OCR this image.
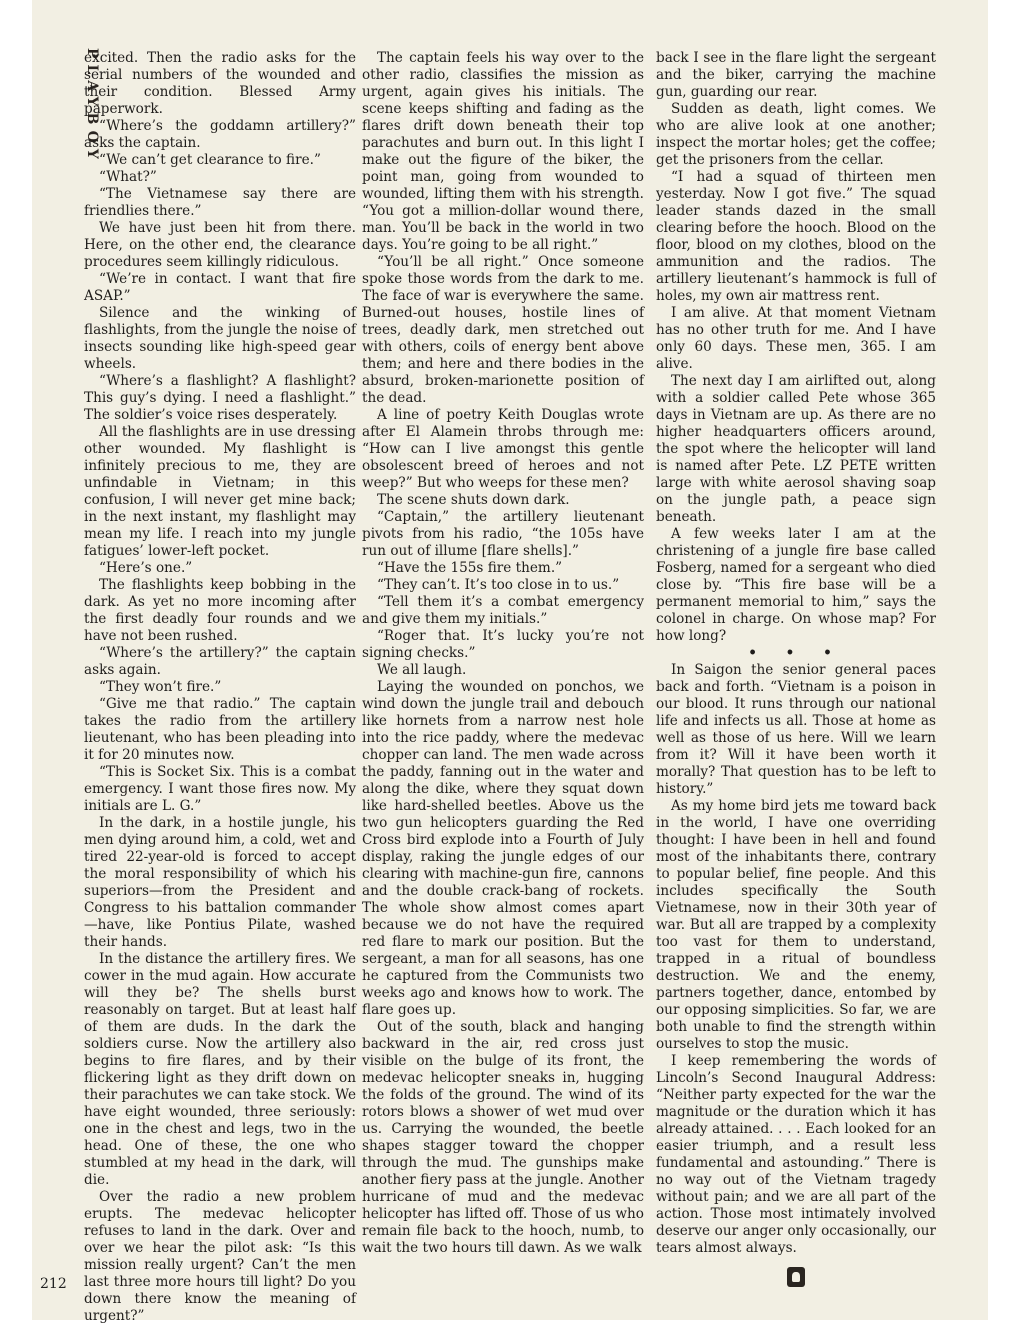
PLAYBOY

excited. Then the radio asks for the serial numbers of the wounded and their condition. Blessed Army paperwork.

“Where’s the goddamn artillery?” asks the captain.

“We can’t get clearance to fire.”

“What?”

“The Vietnamese say there are friendlies there.”

We have just been hit from there. Here, on the other end, the clearance procedures seem killingly ridiculous.

“We’re in contact. I want that fire ASAP.”

Silence and the winking of flashlights, from the jungle the noise of insects sounding like high-speed gear wheels.

“Where’s a flashlight? A flashlight? This guy’s dying. I need a flashlight.” The soldier’s voice rises desperately.

All the flashlights are in use dressing other wounded. My flashlight is infinitely precious to me, they are unfindable in Vietnam; in this confusion, I will never get mine back; in the next instant, my flashlight may mean my life. I reach into my jungle fatigues’ lower-left pocket.

“Here’s one.”

The flashlights keep bobbing in the dark. As yet no more incoming after the first deadly four rounds and we have not been rushed.

“Where’s the artillery?” the captain asks again.

“They won’t fire.”

“Give me that radio.” The captain takes the radio from the artillery lieutenant, who has been pleading into it for 20 minutes now.

“This is Socket Six. This is a combat emergency. I want those fires now. My initials are L. G.”

In the dark, in a hostile jungle, his men dying around him, a cold, wet and tired 22-year-old is forced to accept the moral responsibility of which his superiors—from the President and Congress to his battalion commander—have, like Pontius Pilate, washed their hands.

In the distance the artillery fires. We cower in the mud again. How accurate will they be? The shells burst reasonably on target. But at least half of them are duds. In the dark the soldiers curse. Now the artillery also begins to fire flares, and by their flickering light as they drift down on their parachutes we can take stock. We have eight wounded, three seriously: one in the chest and legs, two in the head. One of these, the one who stumbled at my head in the dark, will die.

Over the radio a new problem erupts. The medevac helicopter refuses to land in the dark. Over and over we hear the pilot ask: “Is this mission really urgent? Can’t the men last three more hours till light? Do you down there know the meaning of urgent?”

The captain feels his way over to the other radio, classifies the mission as urgent, again gives his initials. The scene keeps shifting and fading as the flares drift down beneath their top parachutes and burn out. In this light I make out the figure of the biker, the point man, going from wounded to wounded, lifting them with his strength. “You got a million-dollar wound there, man. You’ll be back in the world in two days. You’re going to be all right.”

“You’ll be all right.” Once someone spoke those words from the dark to me. The face of war is everywhere the same. Burned-out houses, hostile lines of trees, deadly dark, men stretched out with others, coils of energy bent above them; and here and there bodies in the absurd, broken-marionette position of the dead.

A line of poetry Keith Douglas wrote after El Alamein throbs through me: “How can I live amongst this gentle obsolescent breed of heroes and not weep?” But who weeps for these men?

The scene shuts down dark.

“Captain,” the artillery lieutenant pivots from his radio, “the 105s have run out of illume [flare shells].”

“Have the 155s fire them.”

“They can’t. It’s too close in to us.”

“Tell them it’s a combat emergency and give them my initials.”

“Roger that. It’s lucky you’re not signing checks.”

We all laugh.

Laying the wounded on ponchos, we wind down the jungle trail and debouch like hornets from a narrow nest hole into the rice paddy, where the medevac chopper can land. The men wade across the paddy, fanning out in the water and along the dike, where they squat down like hard-shelled beetles. Above us the two gun helicopters guarding the Red Cross bird explode into a Fourth of July display, raking the jungle edges of our clearing with machine-gun fire, cannons and the double crack-bang of rockets. The whole show almost comes apart because we do not have the required red flare to mark our position. But the sergeant, a man for all seasons, has one he captured from the Communists two weeks ago and knows how to work. The flare goes up.

Out of the south, black and hanging backward in the air, red cross just visible on the bulge of its front, the medevac helicopter sneaks in, hugging the folds of the ground. The wind of its rotors blows a shower of wet mud over us. Carrying the wounded, the beetle shapes stagger toward the chopper through the mud. The gunships make another fiery pass at the jungle. Another hurricane of mud and the medevac helicopter has lifted off. Those of us who remain file back to the hooch, numb, to wait the two hours till dawn. As we walk

back I see in the flare light the sergeant and the biker, carrying the machine gun, guarding our rear.

Sudden as death, light comes. We who are alive look at one another; inspect the mortar holes; get the coffee; get the prisoners from the cellar.

“I had a squad of thirteen men yesterday. Now I got five.” The squad leader stands dazed in the small clearing before the hooch. Blood on the floor, blood on my clothes, blood on the ammunition and the radios. The artillery lieutenant’s hammock is full of holes, my own air mattress rent.

I am alive. At that moment Vietnam has no other truth for me. And I have only 60 days. These men, 365. I am alive.

The next day I am airlifted out, along with a soldier called Pete whose 365 days in Vietnam are up. As there are no higher headquarters officers around, the spot where the helicopter will land is named after Pete. LZ PETE written large with white aerosol shaving soap on the jungle path, a peace sign beneath.

A few weeks later I am at the christening of a jungle fire base called Fosberg, named for a sergeant who died close by. “This fire base will be a permanent memorial to him,” says the colonel in charge. On whose map? For how long?

• • •

In Saigon the senior general paces back and forth. “Vietnam is a poison in our blood. It runs through our national life and infects us all. Those at home as well as those of us here. Will we learn from it? Will it have been worth it morally? That question has to be left to history.”

As my home bird jets me toward back in the world, I have one overriding thought: I have been in hell and found most of the inhabitants there, contrary to popular belief, fine people. And this includes specifically the South Vietnamese, now in their 30th year of war. But all are trapped by a complexity too vast for them to understand, trapped in a ritual of boundless destruction. We and the enemy, partners together, dance, entombed by our opposing simplicities. So far, we are both unable to find the strength within ourselves to stop the music.

I keep remembering the words of Lincoln’s Second Inaugural Address: “Neither party expected for the war the magnitude or the duration which it has already attained. . . . Each looked for an easier triumph, and a result less fundamental and astounding.” There is no way out of the Vietnam tragedy without pain; and we are all part of the action. Those most intimately involved deserve our anger only occasionally, our tears almost always.

212
